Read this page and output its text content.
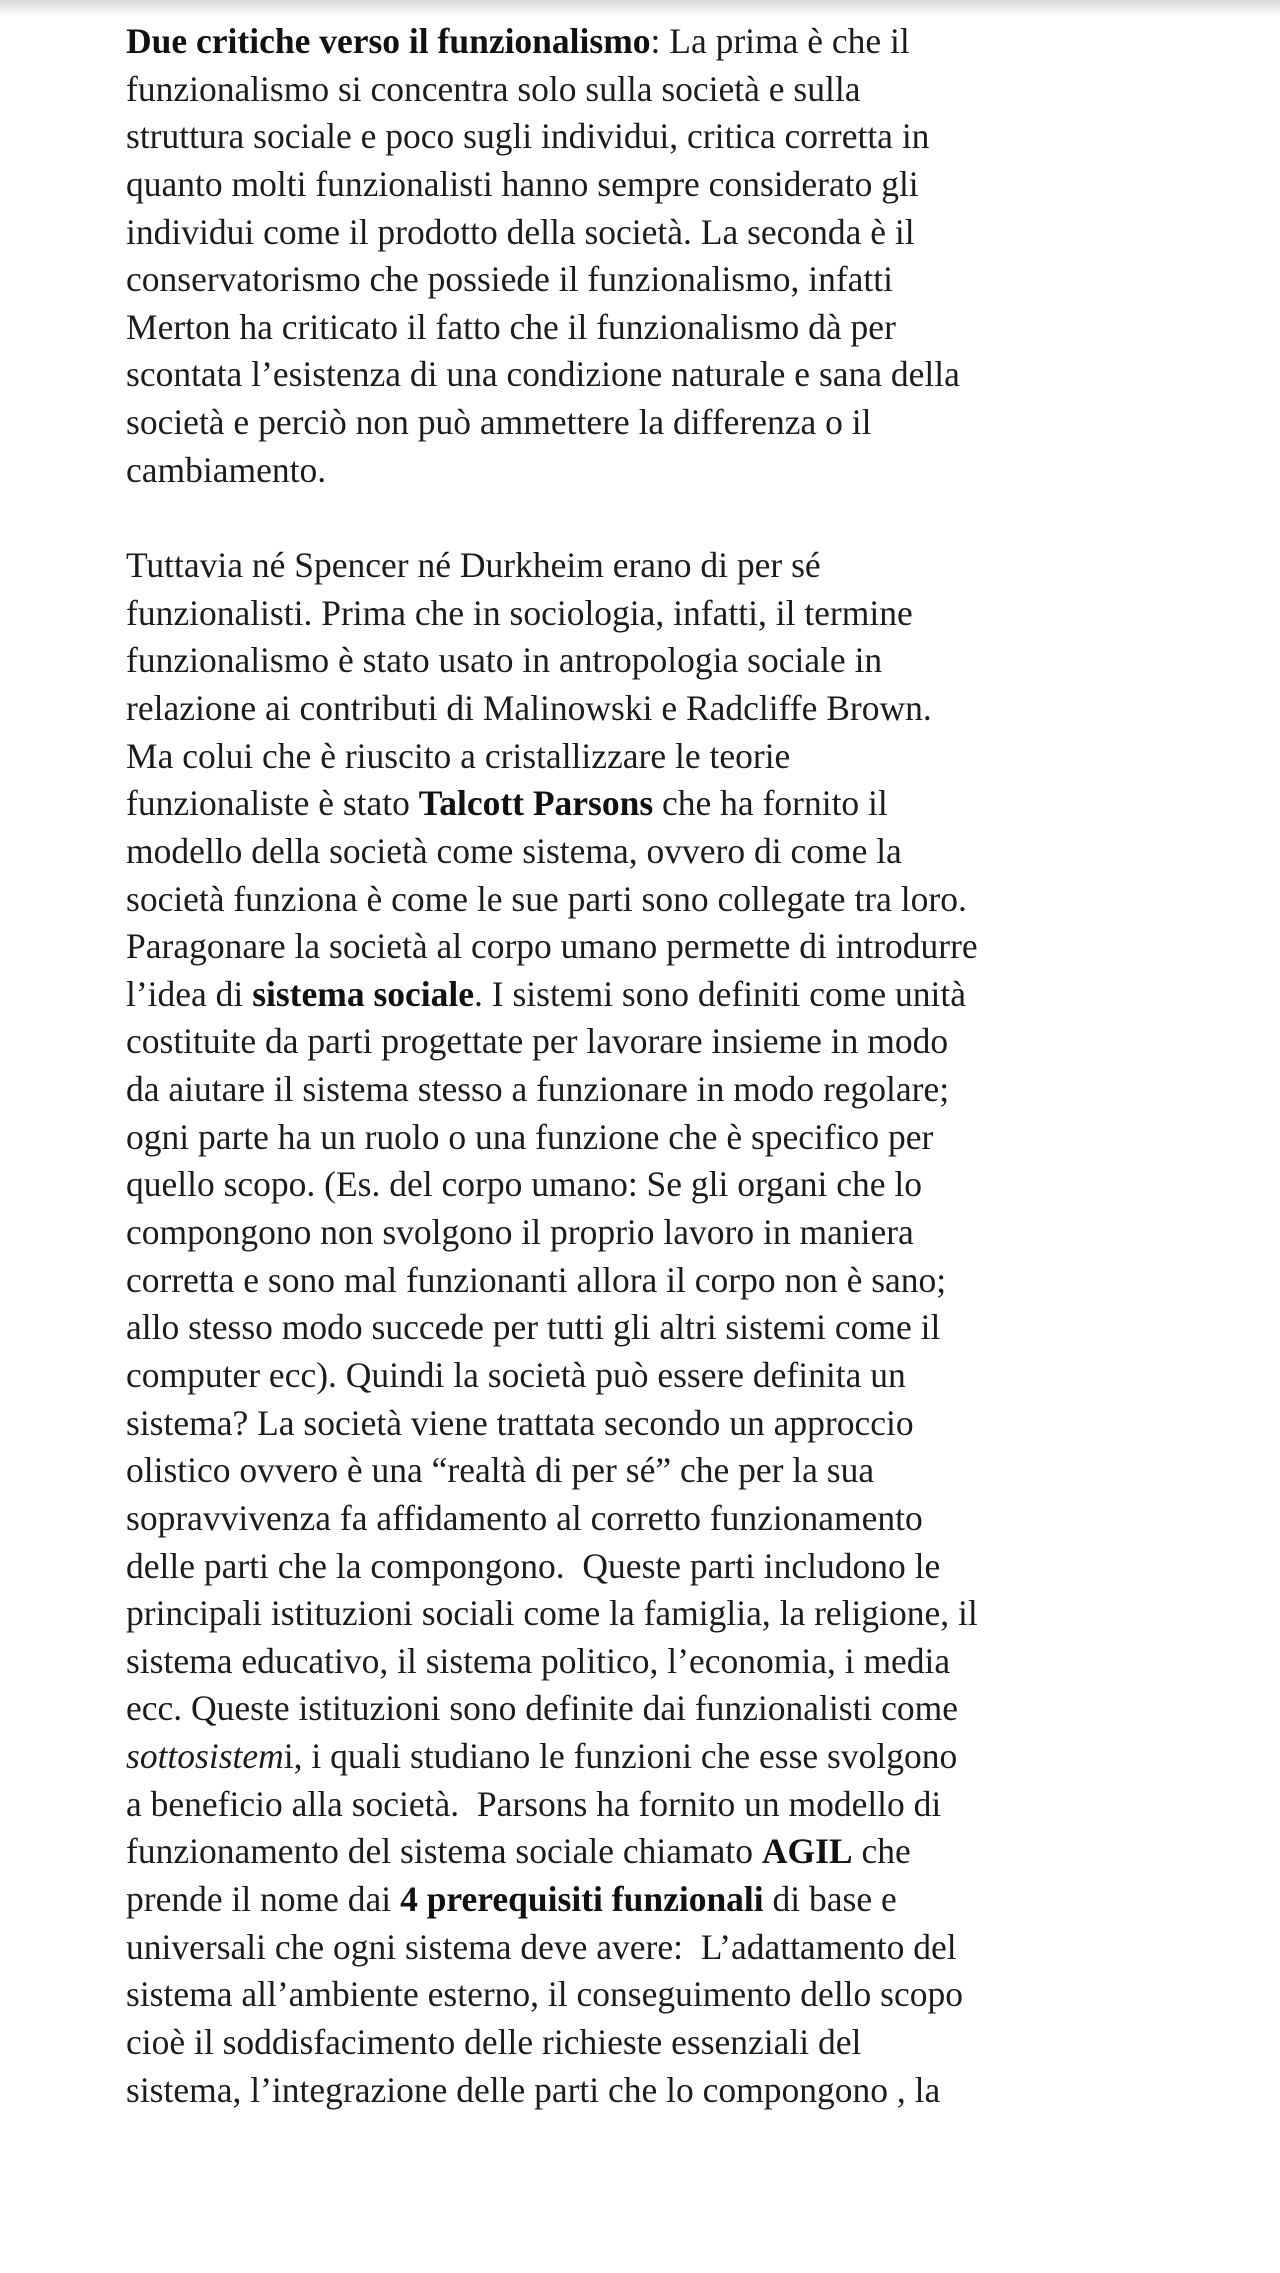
Due critiche verso il funzionalismo: La prima è che il
funzionalismo si concentra solo sulla società e sulla
struttura sociale e poco sugli individui, critica corretta in
quanto molti funzionalisti hanno sempre considerato gli
individui come il prodotto della società. La seconda è il
conservatorismo che possiede il funzionalismo, infatti
Merton ha criticato il fatto che il funzionalismo dà per
scontata l’esistenza di una condizione naturale e sana della
società e perciò non può ammettere la differenza o il
cambiamento.
Tuttavia né Spencer né Durkheim erano di per sé
funzionalisti. Prima che in sociologia, infatti, il termine
funzionalismo è stato usato in antropologia sociale in
relazione ai contributi di Malinowski e Radcliffe Brown.
Ma colui che è riuscito a cristallizzare le teorie
funzionaliste è stato Talcott Parsons che ha fornito il
modello della società come sistema, ovvero di come la
società funziona è come le sue parti sono collegate tra loro.
Paragonare la società al corpo umano permette di introdurre
l’idea di sistema sociale. I sistemi sono definiti come unità
costituite da parti progettate per lavorare insieme in modo
da aiutare il sistema stesso a funzionare in modo regolare;
ogni parte ha un ruolo o una funzione che è specifico per
quello scopo. (Es. del corpo umano: Se gli organi che lo
compongono non svolgono il proprio lavoro in maniera
corretta e sono mal funzionanti allora il corpo non è sano;
allo stesso modo succede per tutti gli altri sistemi come il
computer ecc). Quindi la società può essere definita un
sistema? La società viene trattata secondo un approccio
olistico ovvero è una “realtà di per sé” che per la sua
sopravvivenza fa affidamento al corretto funzionamento
delle parti che la compongono.  Queste parti includono le
principali istituzioni sociali come la famiglia, la religione, il
sistema educativo, il sistema politico, l’economia, i media
ecc. Queste istituzioni sono definite dai funzionalisti come
sottosistemi, i quali studiano le funzioni che esse svolgono
a beneficio alla società.  Parsons ha fornito un modello di
funzionamento del sistema sociale chiamato AGIL che
prende il nome dai 4 prerequisiti funzionali di base e
universali che ogni sistema deve avere:  L’adattamento del
sistema all’ambiente esterno, il conseguimento dello scopo
cioè il soddisfacimento delle richieste essenziali del
sistema, l’integrazione delle parti che lo compongono , la
